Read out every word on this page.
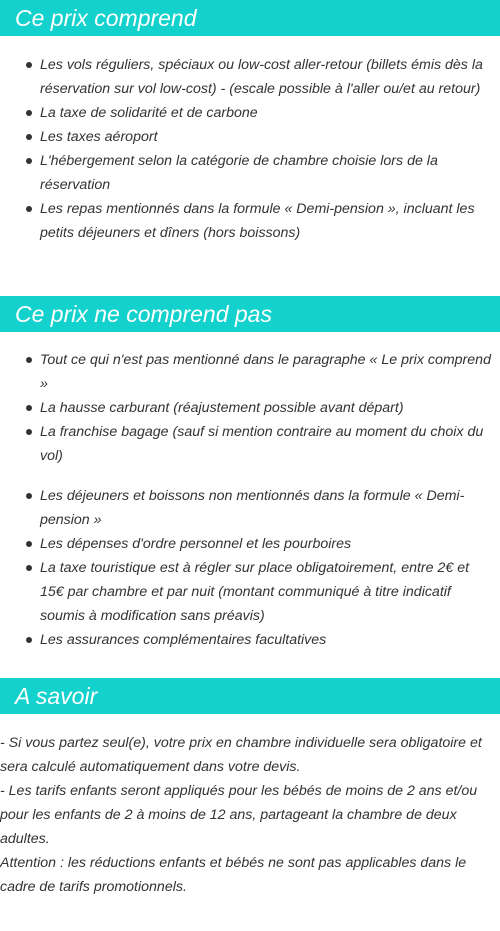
Ce prix comprend
Les vols réguliers, spéciaux ou low-cost aller-retour (billets émis dès la réservation sur vol low-cost) - (escale possible à l'aller ou/et au retour)
La taxe de solidarité et de carbone
Les taxes aéroport
L'hébergement selon la catégorie de chambre choisie lors de la réservation
Les repas mentionnés dans la formule « Demi-pension », incluant les petits déjeuners et dîners (hors boissons)
Ce prix ne comprend pas
Tout ce qui n'est pas mentionné dans le paragraphe « Le prix comprend »
La hausse carburant (réajustement possible avant départ)
La franchise bagage (sauf si mention contraire au moment du choix du vol)
Les déjeuners et boissons non mentionnés dans la formule « Demi-pension »
Les dépenses d'ordre personnel et les pourboires
La taxe touristique est à régler sur place obligatoirement, entre 2€ et 15€ par chambre et par nuit (montant communiqué à titre indicatif soumis à modification sans préavis)
Les assurances complémentaires facultatives
A savoir

- Si vous partez seul(e), votre prix en chambre individuelle sera obligatoire et sera calculé automatiquement dans votre devis.

- Les tarifs enfants seront appliqués pour les bébés de moins de 2 ans et/ou pour les enfants de 2 à moins de 12 ans, partageant la chambre de deux adultes.

Attention : les réductions enfants et bébés ne sont pas applicables dans le cadre de tarifs promotionnels.
